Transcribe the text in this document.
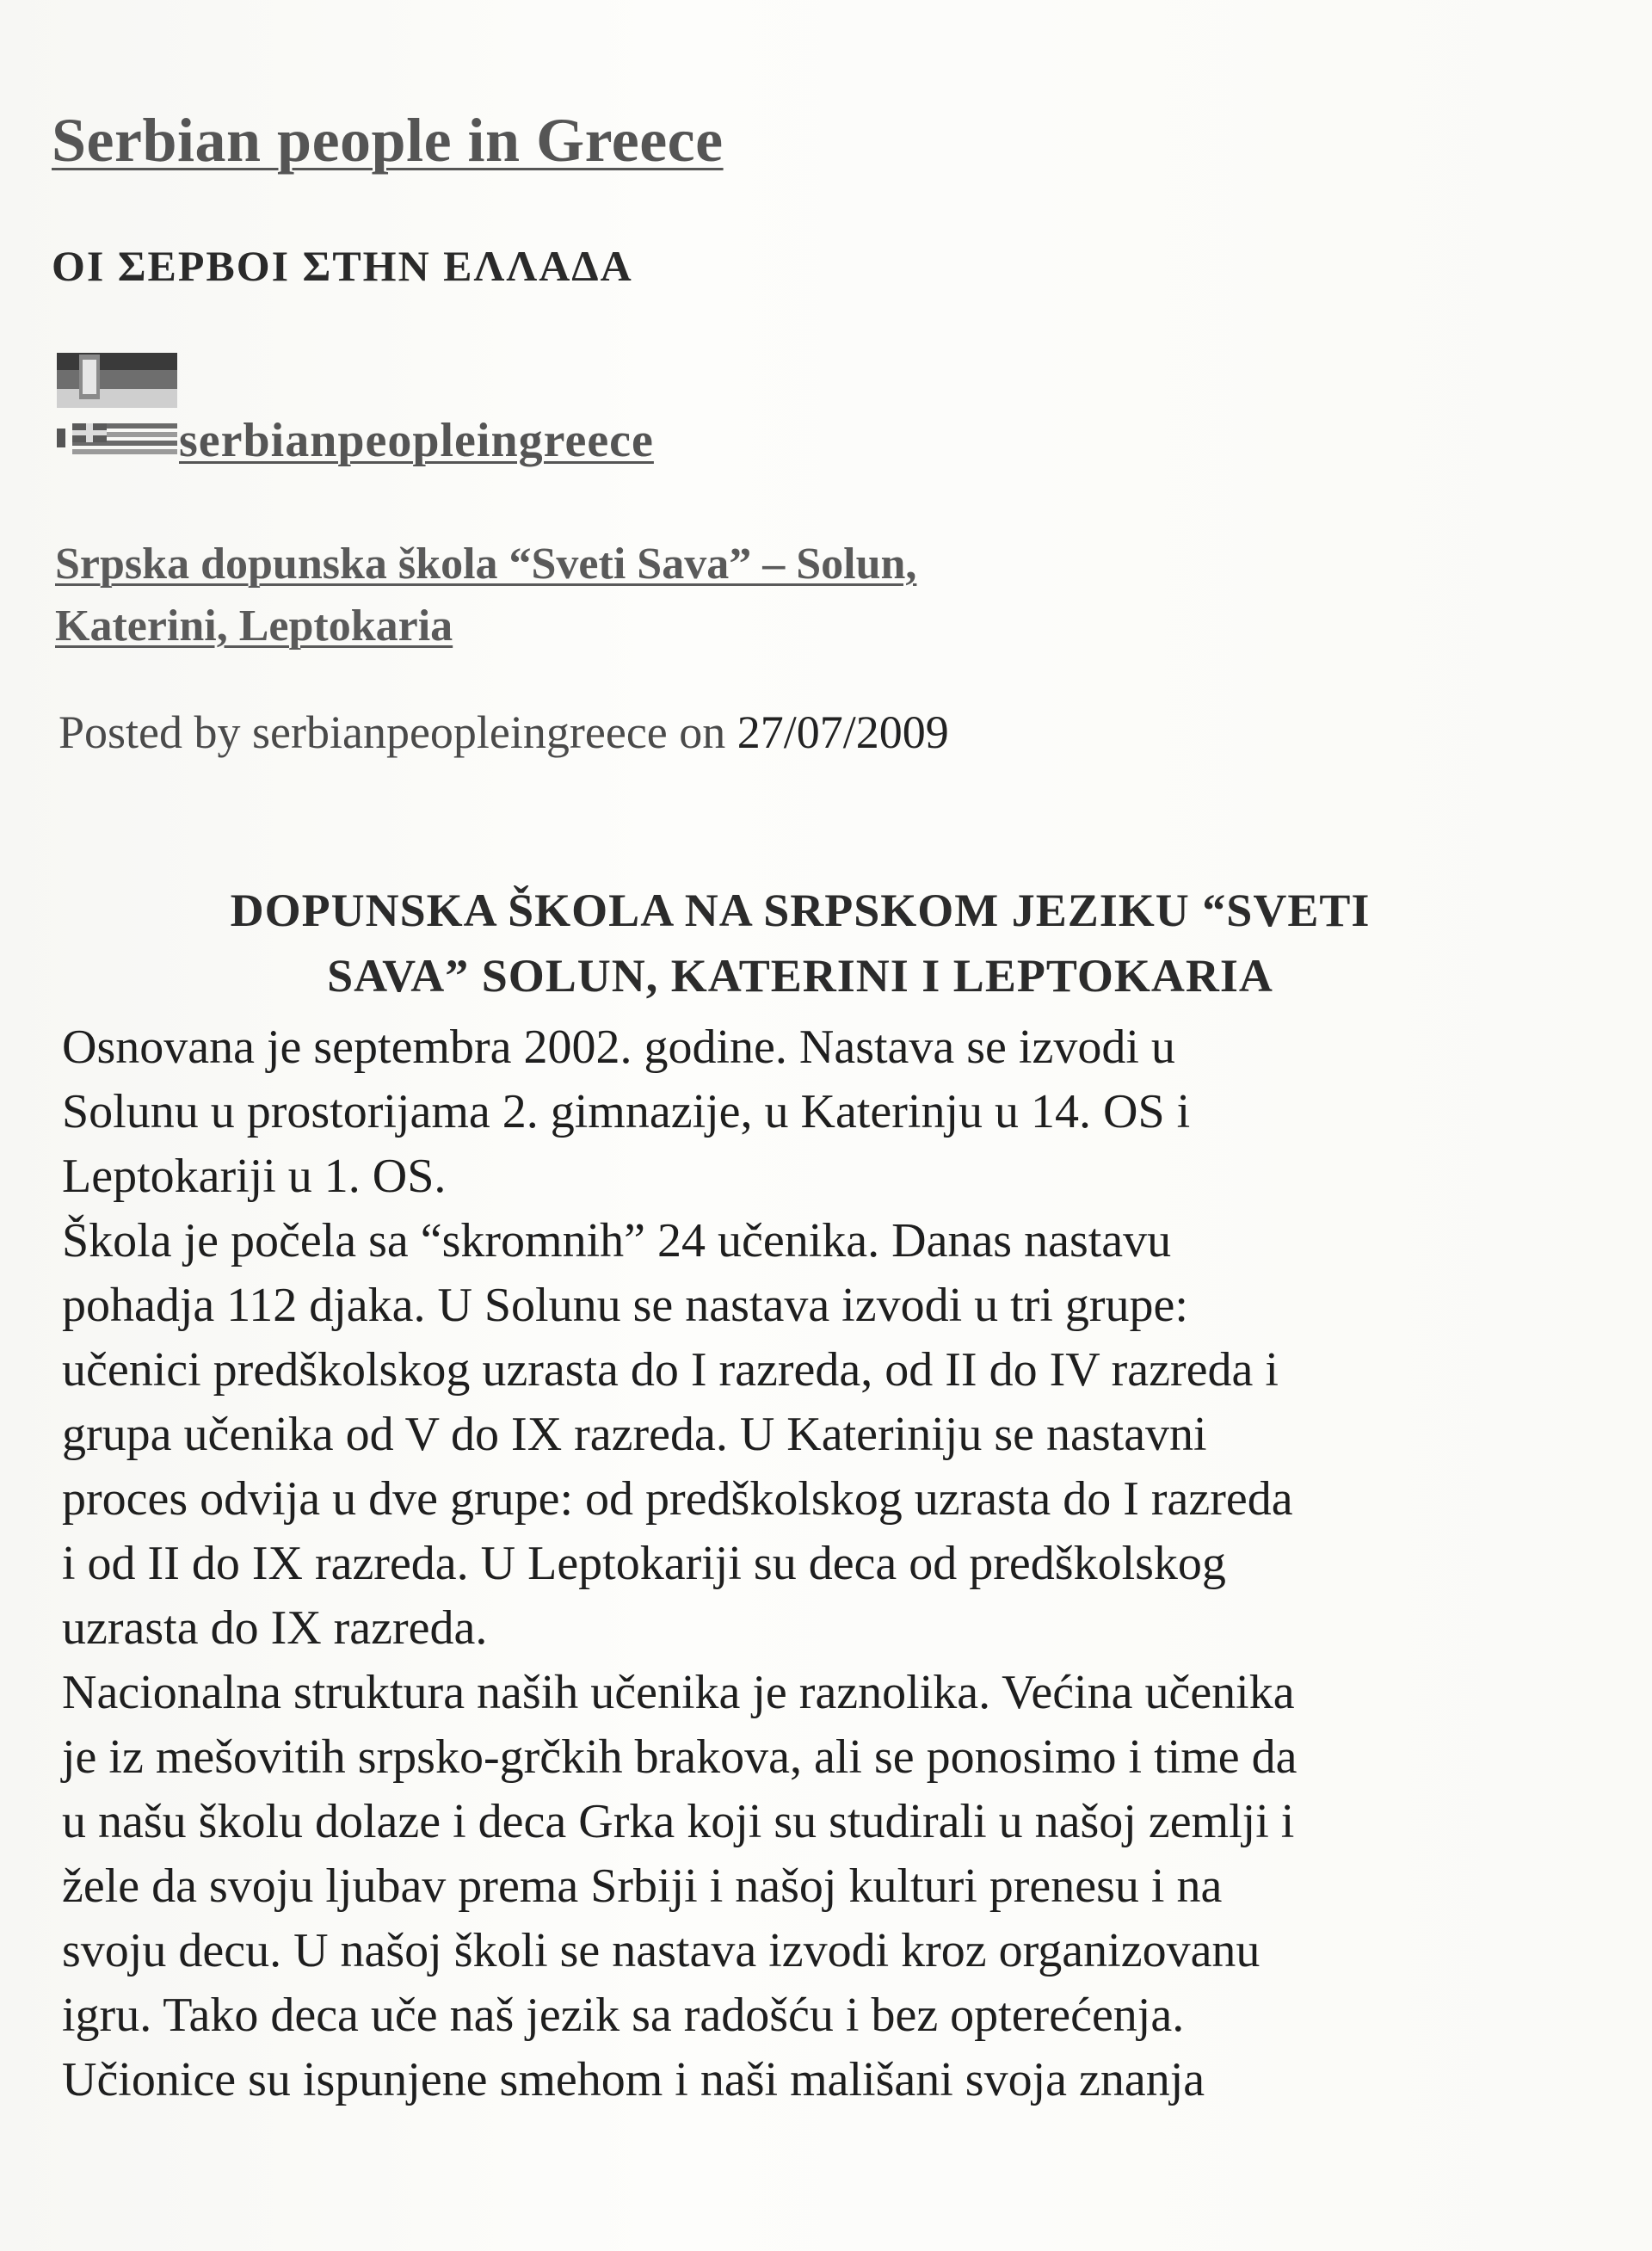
Serbian people in Greece
ΟΙ ΣΕΡΒΟΙ ΣΤΗΝ ΕΛΛΑΔΑ
serbianpeopleingreece
Srpska dopunska škola “Sveti Sava” – Solun,
Katerini, Leptokaria
Posted by serbianpeopleingreece on 27/07/2009
DOPUNSKA ŠKOLA NA SRPSKOM JEZIKU “SVETI
SAVA” SOLUN, KATERINI I LEPTOKARIA
Osnovana je septembra 2002. godine. Nastava se izvodi u
Solunu u prostorijama 2. gimnazije, u Katerinju u 14. OS i
Leptokariji u 1. OS.
Škola je počela sa “skromnih” 24 učenika. Danas nastavu
pohadja 112 djaka. U Solunu se nastava izvodi u tri grupe:
učenici predškolskog uzrasta do I razreda, od II do IV razreda i
grupa učenika od V do IX razreda. U Kateriniju se nastavni
proces odvija u dve grupe: od predškolskog uzrasta do I razreda
i od II do IX razreda. U Leptokariji su deca od predškolskog
uzrasta do IX razreda.
Nacionalna struktura naših učenika je raznolika. Većina učenika
je iz mešovitih srpsko-grčkih brakova, ali se ponosimo i time da
u našu školu dolaze i deca Grka koji su studirali u našoj zemlji i
žele da svoju ljubav prema Srbiji i našoj kulturi prenesu i na
svoju decu. U našoj školi se nastava izvodi kroz organizovanu
igru. Tako deca uče naš jezik sa radošću i bez opterećenja.
Učionice su ispunjene smehom i naši mališani svoja znanja
